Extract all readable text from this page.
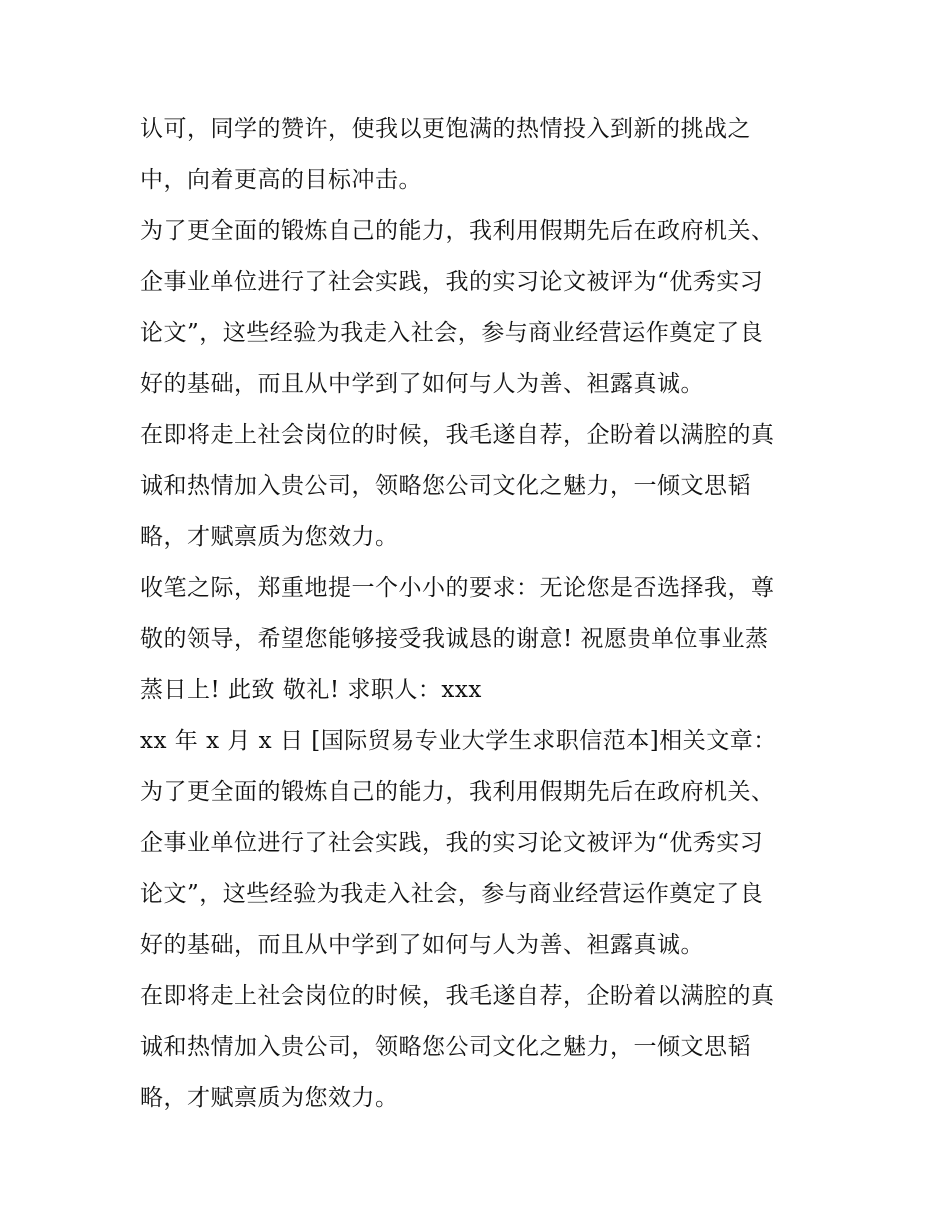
认可，同学的赞许，使我以更饱满的热情投入到新的挑战之
中，向着更高的目标冲击。
为了更全面的锻炼自己的能力，我利用假期先后在政府机关、
企事业单位进行了社会实践，我的实习论文被评为“优秀实习
论文”，这些经验为我走入社会，参与商业经营运作奠定了良
好的基础，而且从中学到了如何与人为善、袒露真诚。
在即将走上社会岗位的时候，我毛遂自荐，企盼着以满腔的真
诚和热情加入贵公司，领略您公司文化之魅力，一倾文思韬
略，才赋禀质为您效力。
收笔之际，郑重地提一个小小的要求：无论您是否选择我，尊
敬的领导，希望您能够接受我诚恳的谢意! 祝愿贵单位事业蒸
蒸日上! 此致 敬礼! 求职人：xxx
xx 年 x 月 x 日 [国际贸易专业大学生求职信范本]相关文章：
为了更全面的锻炼自己的能力，我利用假期先后在政府机关、
企事业单位进行了社会实践，我的实习论文被评为“优秀实习
论文”，这些经验为我走入社会，参与商业经营运作奠定了良
好的基础，而且从中学到了如何与人为善、袒露真诚。
在即将走上社会岗位的时候，我毛遂自荐，企盼着以满腔的真
诚和热情加入贵公司，领略您公司文化之魅力，一倾文思韬
略，才赋禀质为您效力。
